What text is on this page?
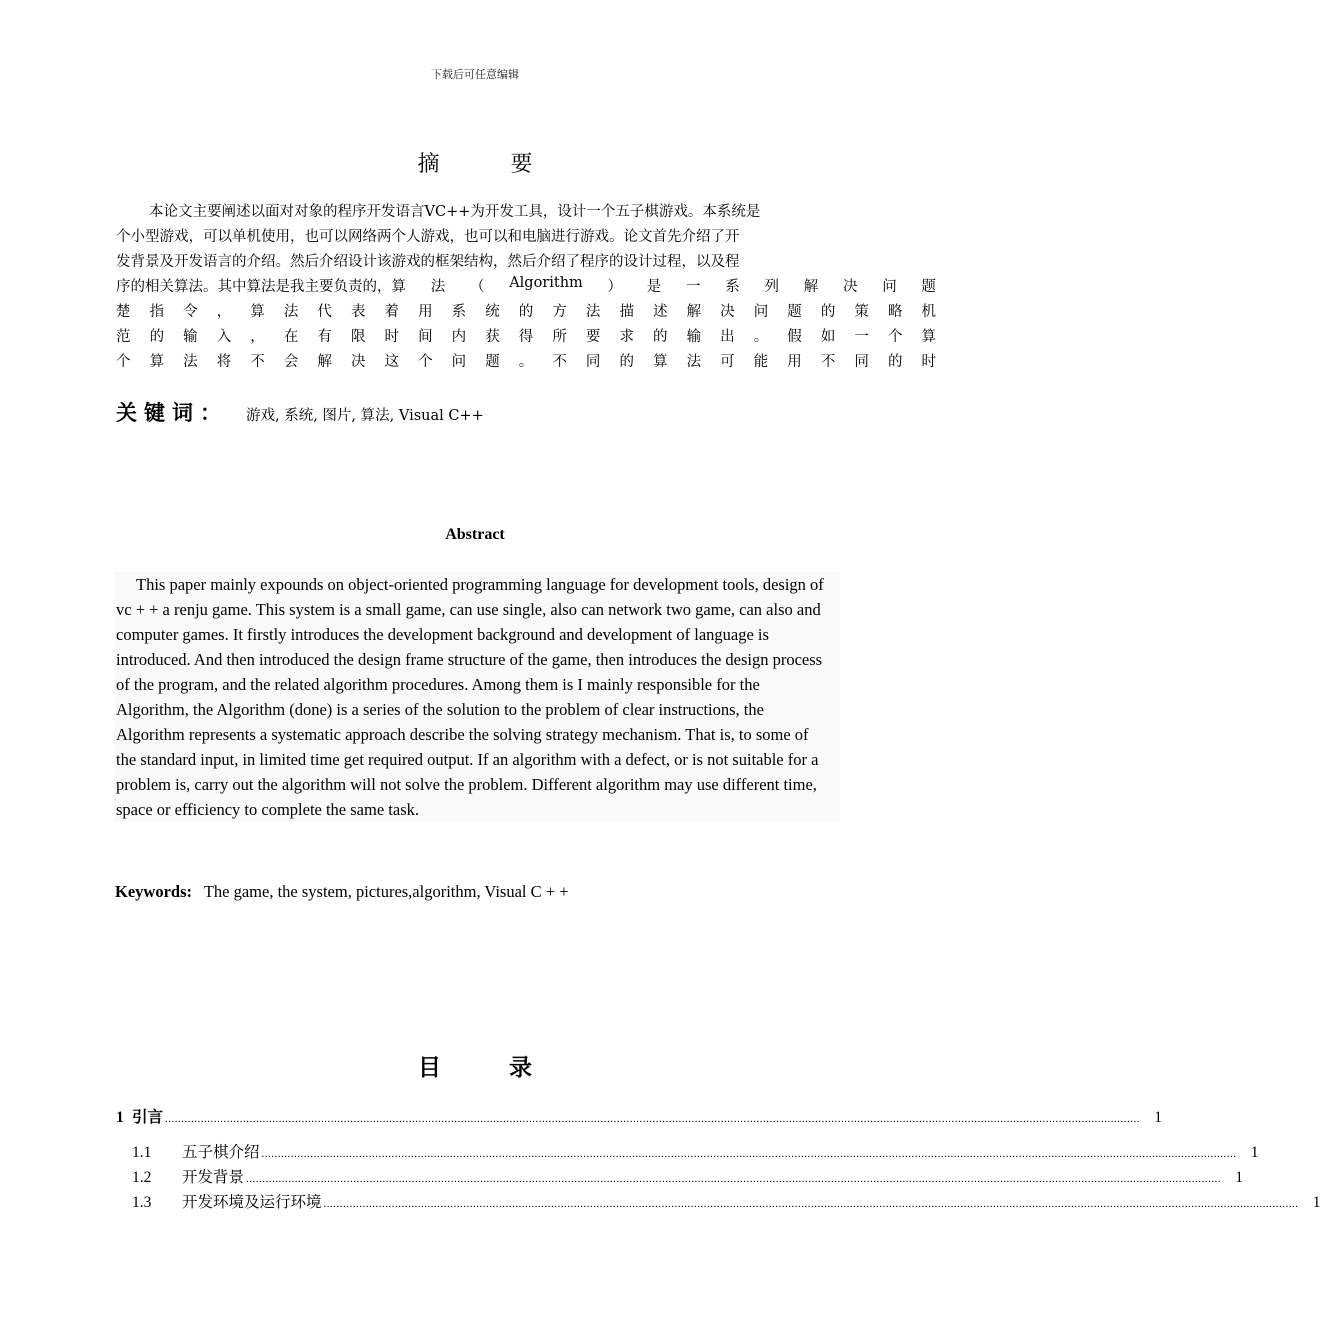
下载后可任意编辑
摘 要
本论文主要阐述以面对对象的程序开发语言VC++为开发工具，设计一个五子棋游戏。本系统是
个小型游戏，可以单机使用，也可以网络两个人游戏，也可以和电脑进行游戏。论文首先介绍了开
发背景及开发语言的介绍。然后介绍设计该游戏的框架结构，然后介绍了程序的设计过程，以及程
序的相关算法。其中算法是我主要负责的， 算 法 （ Algorithm ） 是 一 系 列 解 决 问 题
楚 指 令 ， 算 法 代 表 着 用 系 统 的 方 法 描 述 解 决 问 题 的 策 略 机
范 的 输 入 ， 在 有 限 时 间 内 获 得 所 要 求 的 输 出 。 假 如 一 个 算
个 算 法 将 不 会 解 决 这 个 问 题 。 不 同 的 算 法 可 能 用 不 同 的 时
关键词： 游戏, 系统, 图片, 算法, Visual C++
Abstract
This paper mainly expounds on object-oriented programming language for development tools, design of
vc + + a renju game. This system is a small game, can use single, also can network two game, can also and
computer games. It firstly introduces the development background and development of language is
introduced. And then introduced the design frame structure of the game, then introduces the design process
of the program, and the related algorithm procedures. Among them is I mainly responsible for the
Algorithm, the Algorithm (done) is a series of the solution to the problem of clear instructions, the
Algorithm represents a systematic approach describe the solving strategy mechanism. That is, to some of
the standard input, in limited time get required output. If an algorithm with a defect, or is not suitable for a
problem is, carry out the algorithm will not solve the problem. Different algorithm may use different time,
space or efficiency to complete the same task.
Keywords: The game, the system, pictures,algorithm, Visual C + +
目 录
1 引言 ............................................................................................................................................................................................................................................................................................................ 1
1.1	五子棋介绍 ............................................................................................................................................................................................................................................................................................................ 1
1.2	开发背景 ............................................................................................................................................................................................................................................................................................................ 1
1.3	开发环境及运行环境 ............................................................................................................................................................................................................................................................................................................ 1
